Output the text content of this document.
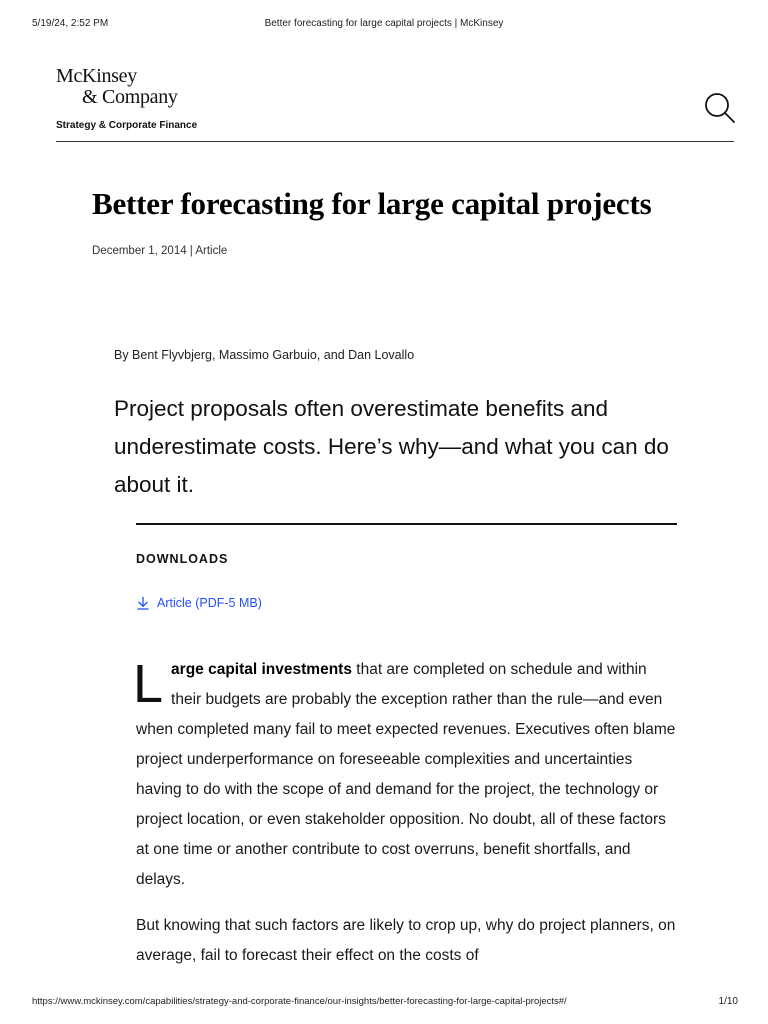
5/19/24, 2:52 PM	Better forecasting for large capital projects | McKinsey
McKinsey
& Company
Strategy & Corporate Finance
Better forecasting for large capital projects
December 1, 2014 | Article
By Bent Flyvbjerg, Massimo Garbuio, and Dan Lovallo

Project proposals often overestimate benefits and underestimate costs. Here’s why—and what you can do about it.

DOWNLOADS
Article (PDF-5 MB)

Large capital investments that are completed on schedule and within their budgets are probably the exception rather than the rule—and even when completed many fail to meet expected revenues. Executives often blame project underperformance on foreseeable complexities and uncertainties having to do with the scope of and demand for the project, the technology or project location, or even stakeholder opposition. No doubt, all of these factors at one time or another contribute to cost overruns, benefit shortfalls, and delays.

But knowing that such factors are likely to crop up, why do project planners, on average, fail to forecast their effect on the costs of

https://www.mckinsey.com/capabilities/strategy-and-corporate-finance/our-insights/better-forecasting-for-large-capital-projects#/	1/10
